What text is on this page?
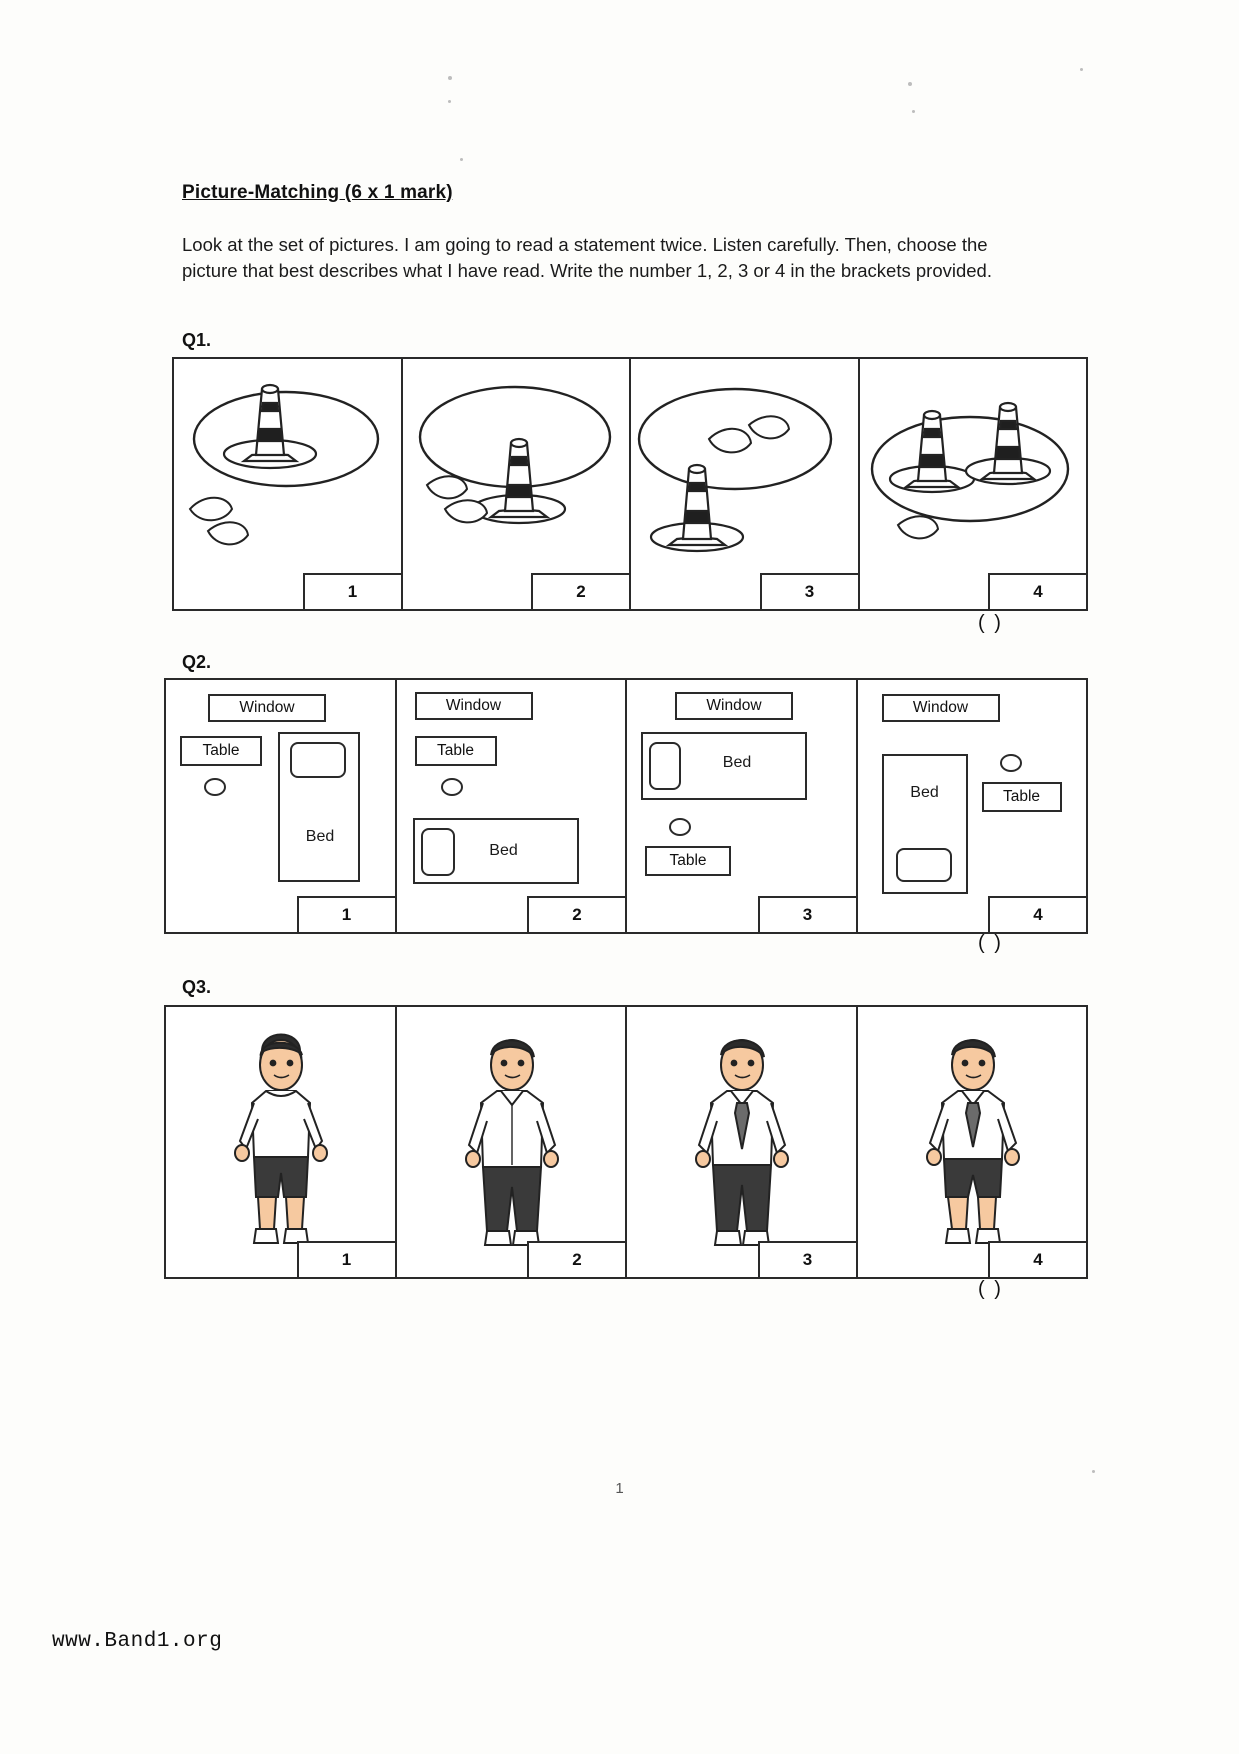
Picture-Matching (6 x 1 mark)
Look at the set of pictures. I am going to read a statement twice. Listen carefully. Then, choose the picture that best describes what I have read. Write the number 1, 2, 3 or 4 in the brackets provided.
Q1.
1	2	3	4
( )
Q2.
Window
Table
Bed
1
Window
Table
Bed
2
Window
Bed
Table
3
Window
Bed	Table
4
( )
Q3.
1	2	3	4
( )
1
www.Band1.org
